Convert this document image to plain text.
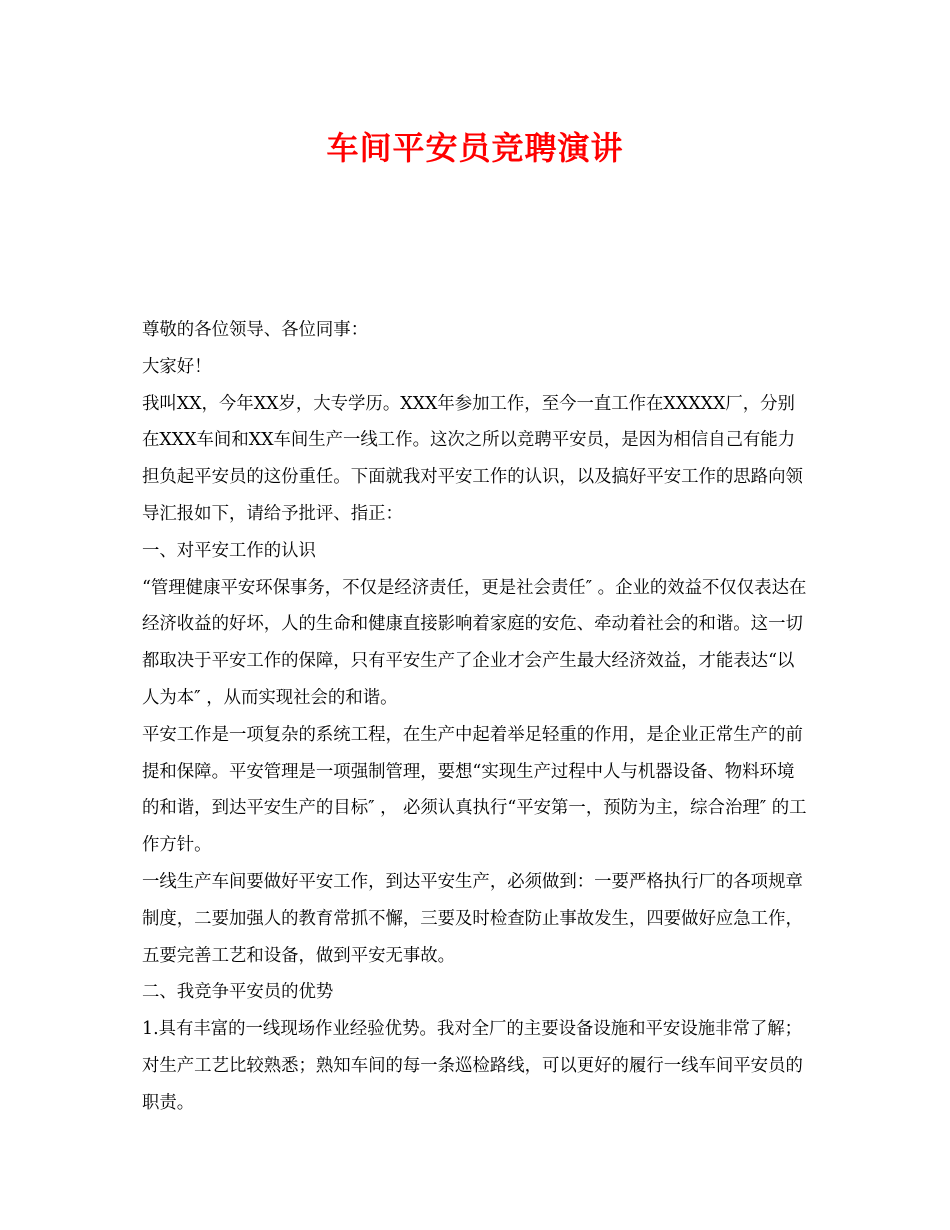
车间平安员竞聘演讲

尊敬的各位领导、各位同事：

大家好！

我叫XX，今年XX岁，大专学历。XXX年参加工作，至今一直工作在XXXXX厂，分别在XXX车间和XX车间生产一线工作。这次之所以竞聘平安员，是因为相信自己有能力担负起平安员的这份重任。下面就我对平安工作的认识，以及搞好平安工作的思路向领导汇报如下，请给予批评、指正：

一、对平安工作的认识

“管理健康平安环保事务，不仅是经济责任，更是社会责任″ 。企业的效益不仅仅表达在经济收益的好坏，人的生命和健康直接影响着家庭的安危、牵动着社会的和谐。这一切都取决于平安工作的保障，只有平安生产了企业才会产生最大经济效益，才能表达“以人为本″ ，从而实现社会的和谐。

平安工作是一项复杂的系统工程，在生产中起着举足轻重的作用，是企业正常生产的前提和保障。平安管理是一项强制管理，要想“实现生产过程中人与机器设备、物料环境的和谐，到达平安生产的目标″ ， 必须认真执行“平安第一，预防为主，综合治理″ 的工作方针。

一线生产车间要做好平安工作，到达平安生产，必须做到：一要严格执行厂的各项规章制度，二要加强人的教育常抓不懈，三要及时检查防止事故发生，四要做好应急工作，五要完善工艺和设备，做到平安无事故。

二、我竞争平安员的优势

1.具有丰富的一线现场作业经验优势。我对全厂的主要设备设施和平安设施非常了解；对生产工艺比较熟悉；熟知车间的每一条巡检路线，可以更好的履行一线车间平安员的职责。
